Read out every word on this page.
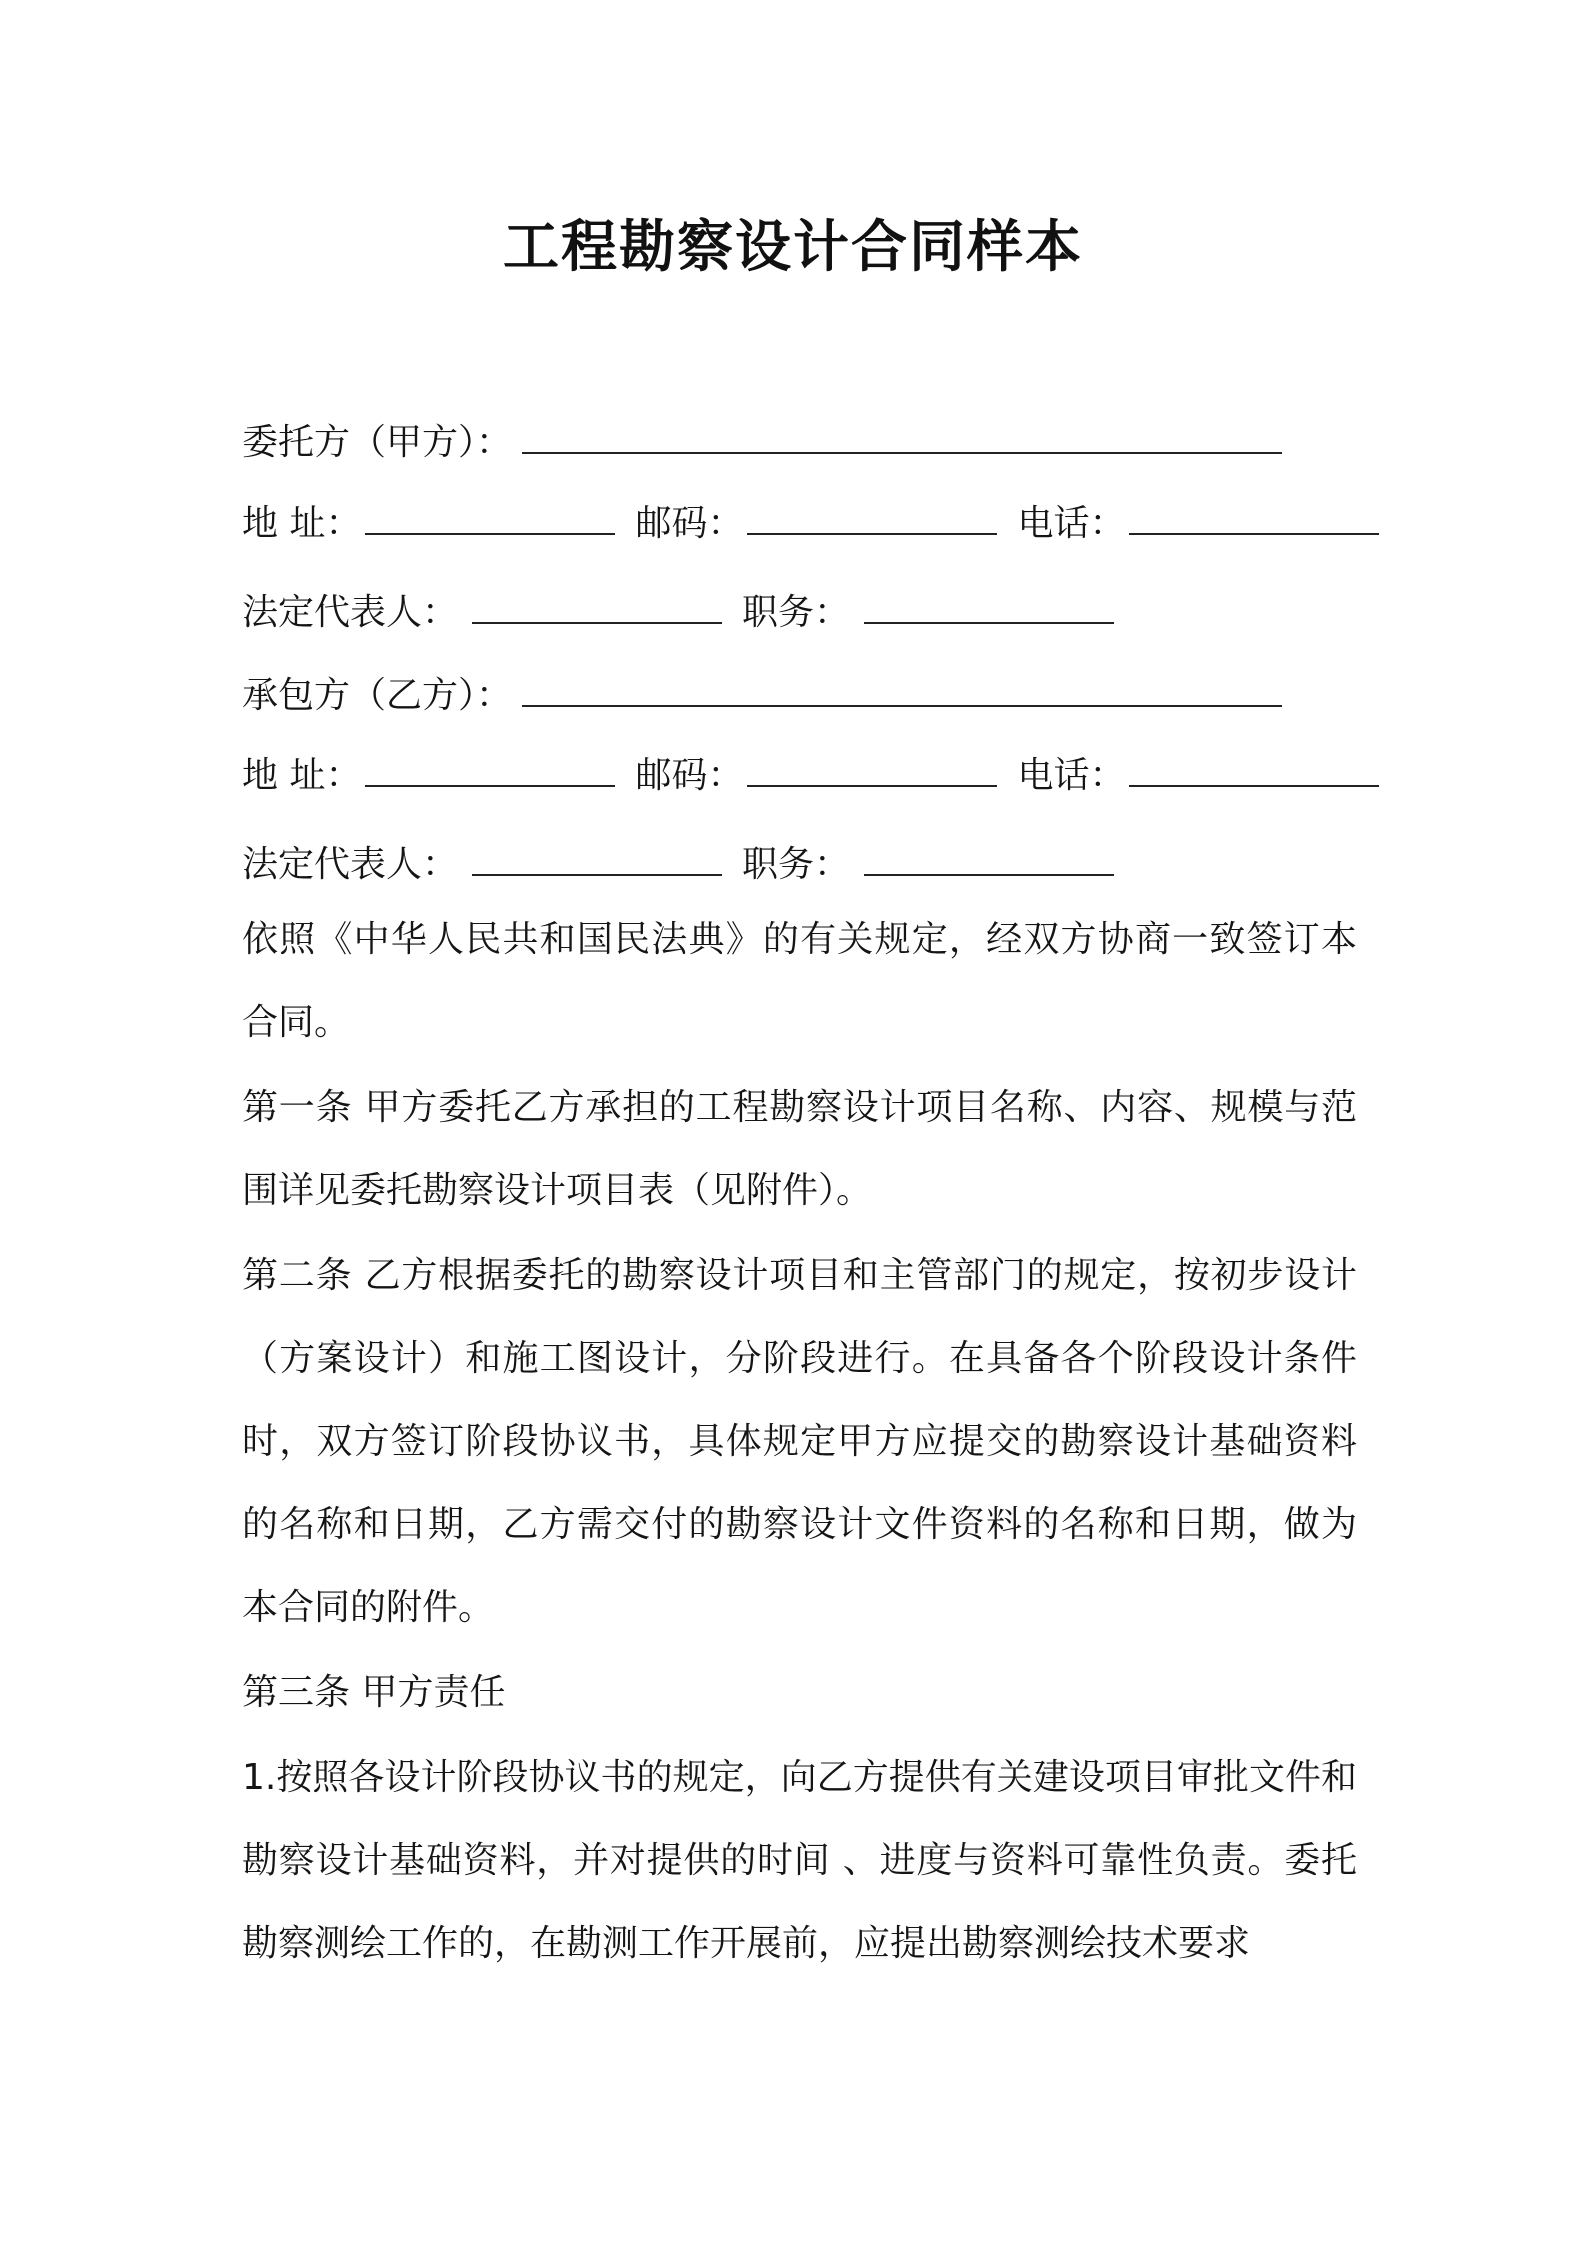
工程勘察设计合同样本
委托方（甲方）：
地 址：	邮码：	电话：
法定代表人：	职务：
承包方（乙方）：
地 址：	邮码：	电话：
法定代表人：	职务：
依照《中华人民共和国民法典》的有关规定，经双方协商一致签订本合同。
第一条 甲方委托乙方承担的工程勘察设计项目名称、内容、规模与范围详见委托勘察设计项目表（见附件）。
第二条 乙方根据委托的勘察设计项目和主管部门的规定，按初步设计（方案设计）和施工图设计，分阶段进行。在具备各个阶段设计条件时，双方签订阶段协议书，具体规定甲方应提交的勘察设计基础资料的名称和日期，乙方需交付的勘察设计文件资料的名称和日期，做为本合同的附件。
第三条 甲方责任
1.按照各设计阶段协议书的规定，向乙方提供有关建设项目审批文件和勘察设计基础资料，并对提供的时间 、进度与资料可靠性负责。委托勘察测绘工作的，在勘测工作开展前，应提出勘察测绘技术要求
